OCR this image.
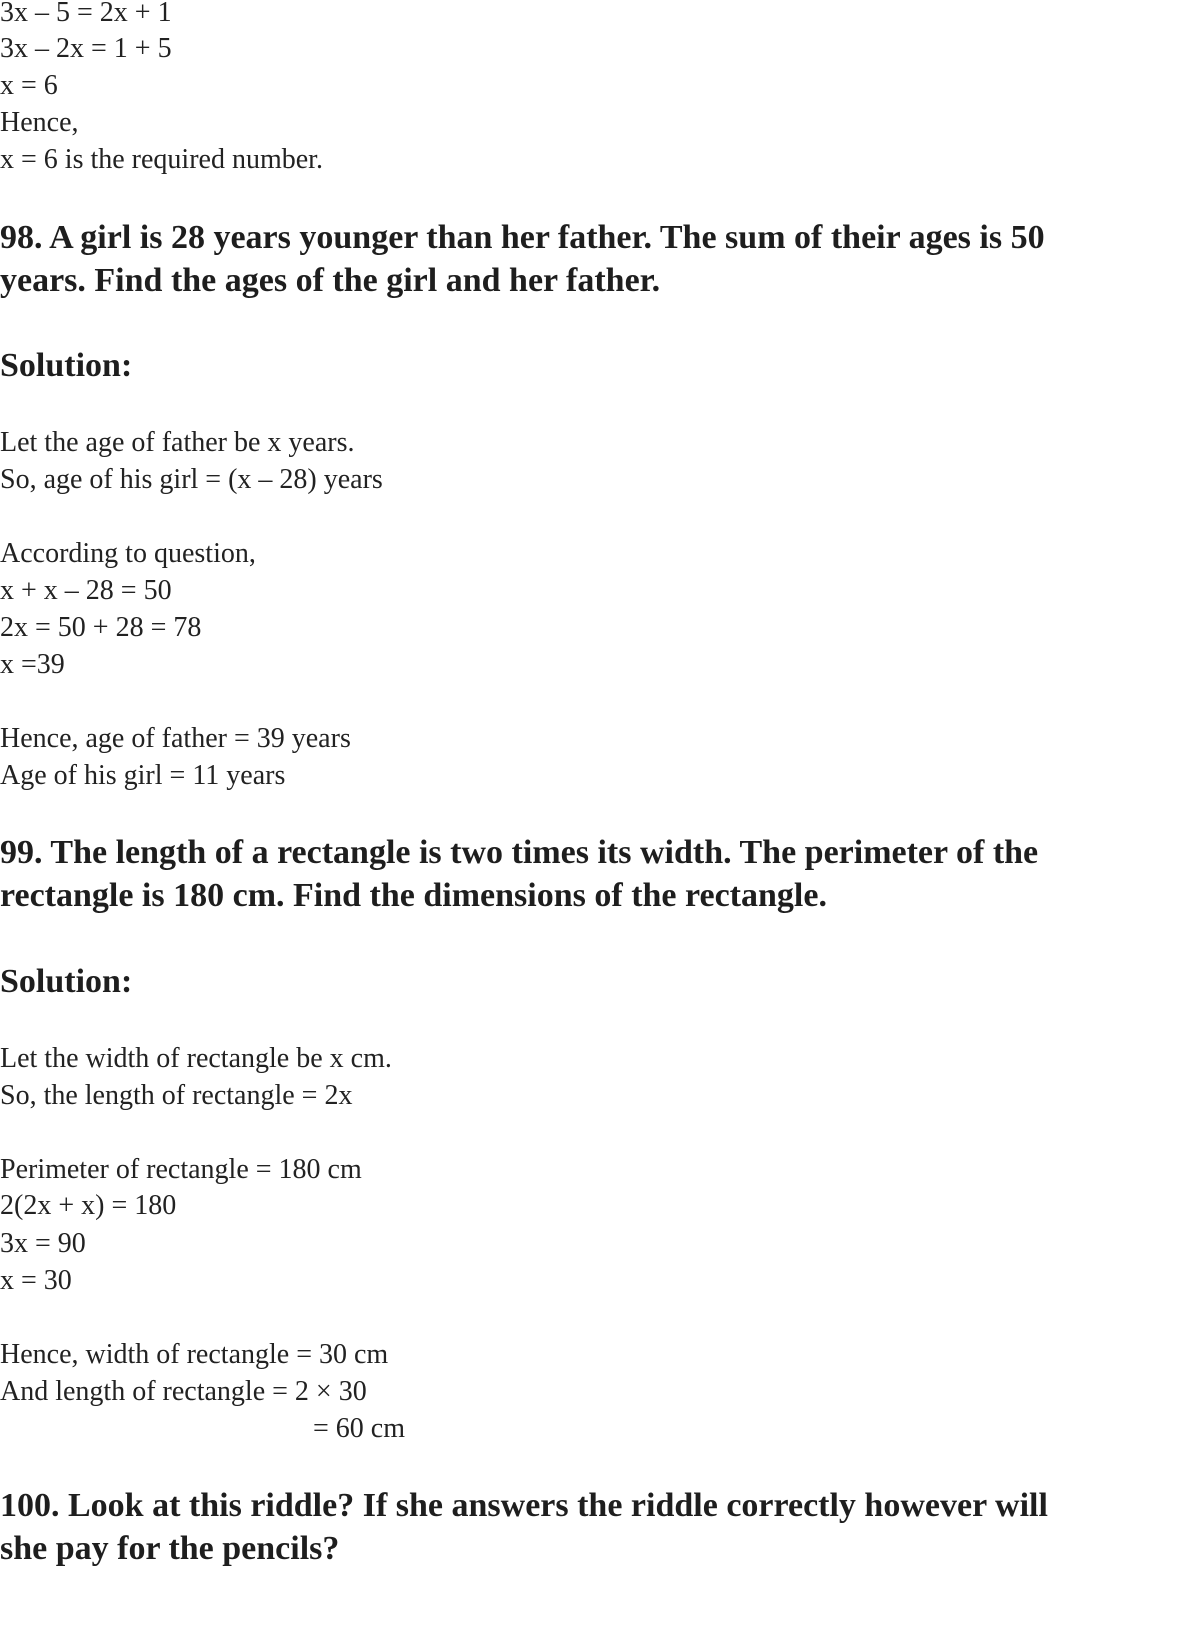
3x – 5 = 2x + 1
3x – 2x = 1 + 5
x = 6
Hence,
x = 6 is the required number.
98. A girl is 28 years younger than her father. The sum of their ages is 50
years. Find the ages of the girl and her father.
Solution:
Let the age of father be x years.
So, age of his girl = (x – 28) years
According to question,
x + x – 28 = 50
2x = 50 + 28 = 78
x =39
Hence, age of father = 39 years
Age of his girl = 11 years
99. The length of a rectangle is two times its width. The perimeter of the
rectangle is 180 cm. Find the dimensions of the rectangle.
Solution:
Let the width of rectangle be x cm.
So, the length of rectangle = 2x
Perimeter of rectangle = 180 cm
2(2x + x) = 180
3x = 90
x = 30
Hence, width of rectangle = 30 cm
And length of rectangle = 2 × 30
= 60 cm
100. Look at this riddle? If she answers the riddle correctly however will
she pay for the pencils?
